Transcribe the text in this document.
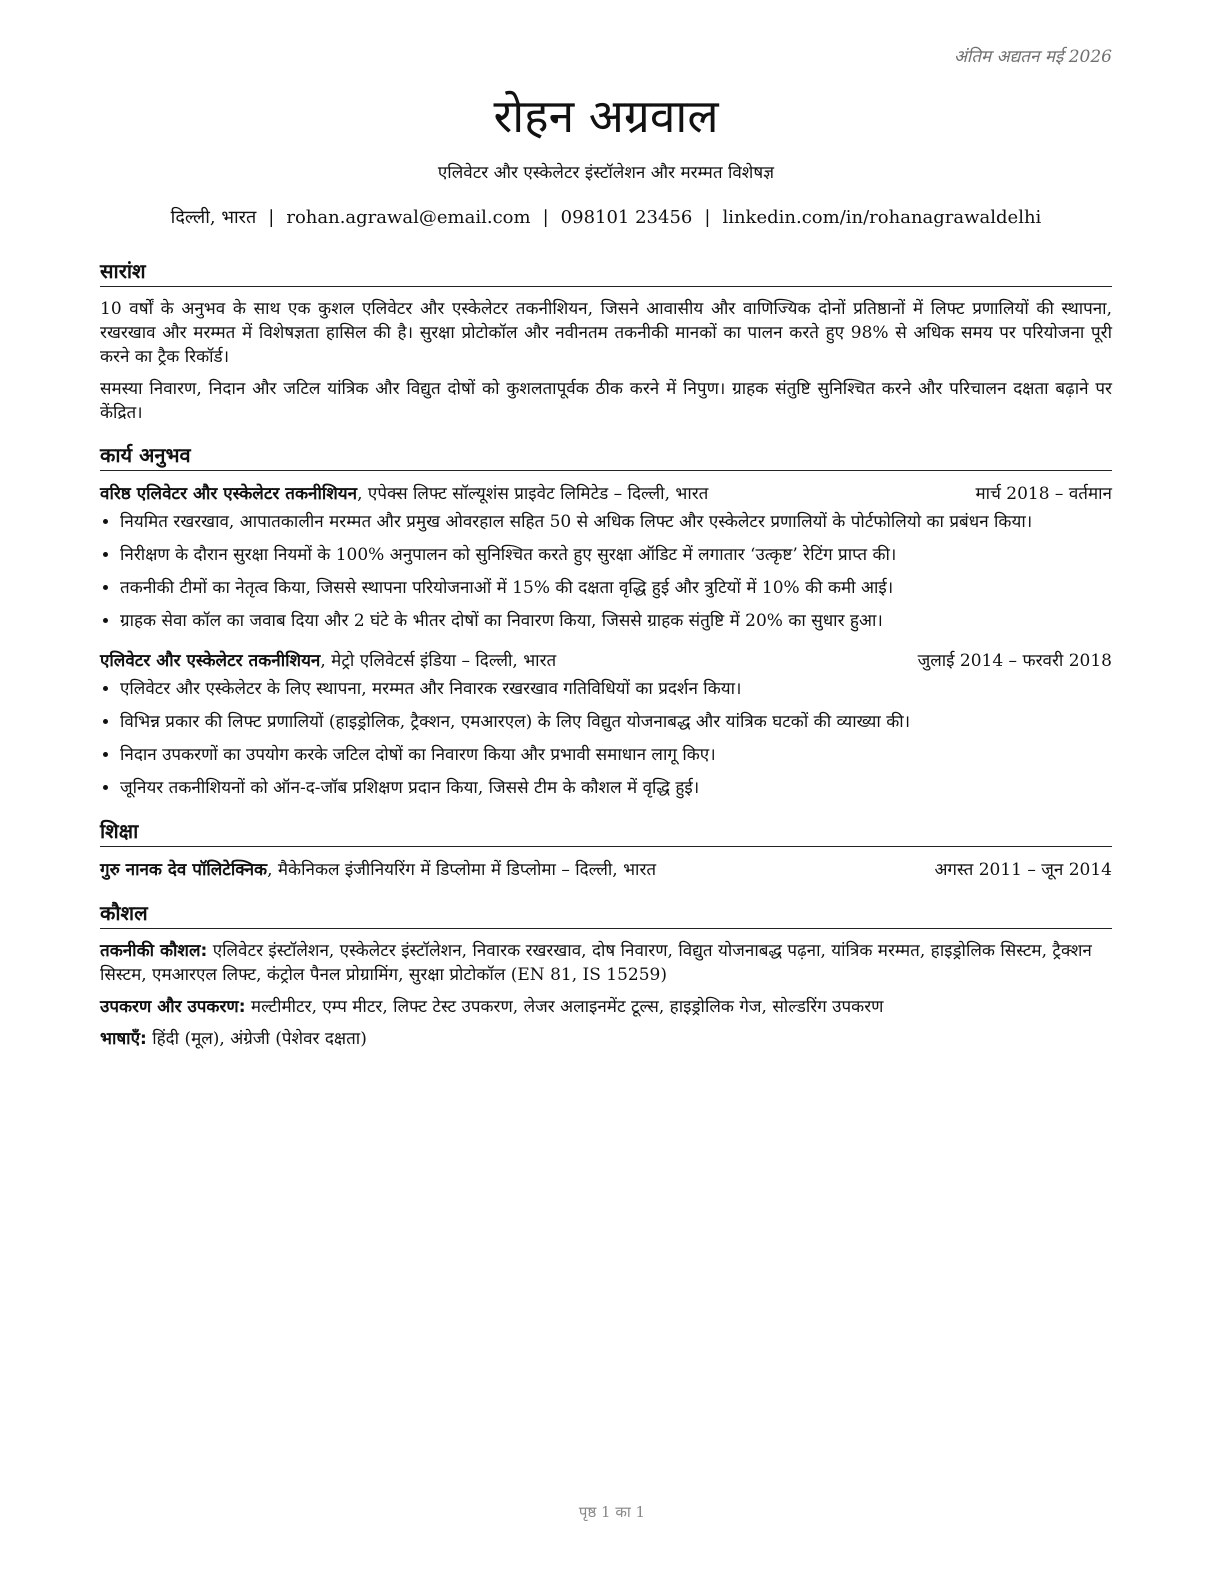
अंतिम अद्यतन मई 2026
रोहन अग्रवाल
एलिवेटर और एस्केलेटर इंस्टॉलेशन और मरम्मत विशेषज्ञ
दिल्ली, भारत | rohan.agrawal@email.com | 098101 23456 | linkedin.com/in/rohanagrawaldelhi
सारांश

10 वर्षों के अनुभव के साथ एक कुशल एलिवेटर और एस्केलेटर तकनीशियन, जिसने आवासीय और वाणिज्यिक दोनों प्रतिष्ठानों में लिफ्ट प्रणालियों की स्थापना, रखरखाव और मरम्मत में विशेषज्ञता हासिल की है। सुरक्षा प्रोटोकॉल और नवीनतम तकनीकी मानकों का पालन करते हुए 98% से अधिक समय पर परियोजना पूरी करने का ट्रैक रिकॉर्ड।

समस्या निवारण, निदान और जटिल यांत्रिक और विद्युत दोषों को कुशलतापूर्वक ठीक करने में निपुण। ग्राहक संतुष्टि सुनिश्चित करने और परिचालन दक्षता बढ़ाने पर केंद्रित।

कार्य अनुभव
वरिष्ठ एलिवेटर और एस्केलेटर तकनीशियन, एपेक्स लिफ्ट सॉल्यूशंस प्राइवेट लिमिटेड – दिल्ली, भारत	मार्च 2018 – वर्तमान
• नियमित रखरखाव, आपातकालीन मरम्मत और प्रमुख ओवरहाल सहित 50 से अधिक लिफ्ट और एस्केलेटर प्रणालियों के पोर्टफोलियो का प्रबंधन किया।
• निरीक्षण के दौरान सुरक्षा नियमों के 100% अनुपालन को सुनिश्चित करते हुए सुरक्षा ऑडिट में लगातार ‘उत्कृष्ट’ रेटिंग प्राप्त की।
• तकनीकी टीमों का नेतृत्व किया, जिससे स्थापना परियोजनाओं में 15% की दक्षता वृद्धि हुई और त्रुटियों में 10% की कमी आई।
• ग्राहक सेवा कॉल का जवाब दिया और 2 घंटे के भीतर दोषों का निवारण किया, जिससे ग्राहक संतुष्टि में 20% का सुधार हुआ।
एलिवेटर और एस्केलेटर तकनीशियन, मेट्रो एलिवेटर्स इंडिया – दिल्ली, भारत	जुलाई 2014 – फरवरी 2018
• एलिवेटर और एस्केलेटर के लिए स्थापना, मरम्मत और निवारक रखरखाव गतिविधियों का प्रदर्शन किया।
• विभिन्न प्रकार की लिफ्ट प्रणालियों (हाइड्रोलिक, ट्रैक्शन, एमआरएल) के लिए विद्युत योजनाबद्ध और यांत्रिक घटकों की व्याख्या की।
• निदान उपकरणों का उपयोग करके जटिल दोषों का निवारण किया और प्रभावी समाधान लागू किए।
• जूनियर तकनीशियनों को ऑन-द-जॉब प्रशिक्षण प्रदान किया, जिससे टीम के कौशल में वृद्धि हुई।
शिक्षा
गुरु नानक देव पॉलिटेक्निक, मैकेनिकल इंजीनियरिंग में डिप्लोमा में डिप्लोमा – दिल्ली, भारत	अगस्त 2011 – जून 2014
कौशल
तकनीकी कौशल: एलिवेटर इंस्टॉलेशन, एस्केलेटर इंस्टॉलेशन, निवारक रखरखाव, दोष निवारण, विद्युत योजनाबद्ध पढ़ना, यांत्रिक मरम्मत, हाइड्रोलिक सिस्टम, ट्रैक्शन सिस्टम, एमआरएल लिफ्ट, कंट्रोल पैनल प्रोग्रामिंग, सुरक्षा प्रोटोकॉल (EN 81, IS 15259)
उपकरण और उपकरण: मल्टीमीटर, एम्प मीटर, लिफ्ट टेस्ट उपकरण, लेजर अलाइनमेंट टूल्स, हाइड्रोलिक गेज, सोल्डरिंग उपकरण
भाषाएँ: हिंदी (मूल), अंग्रेजी (पेशेवर दक्षता)
पृष्ठ 1 का 1
